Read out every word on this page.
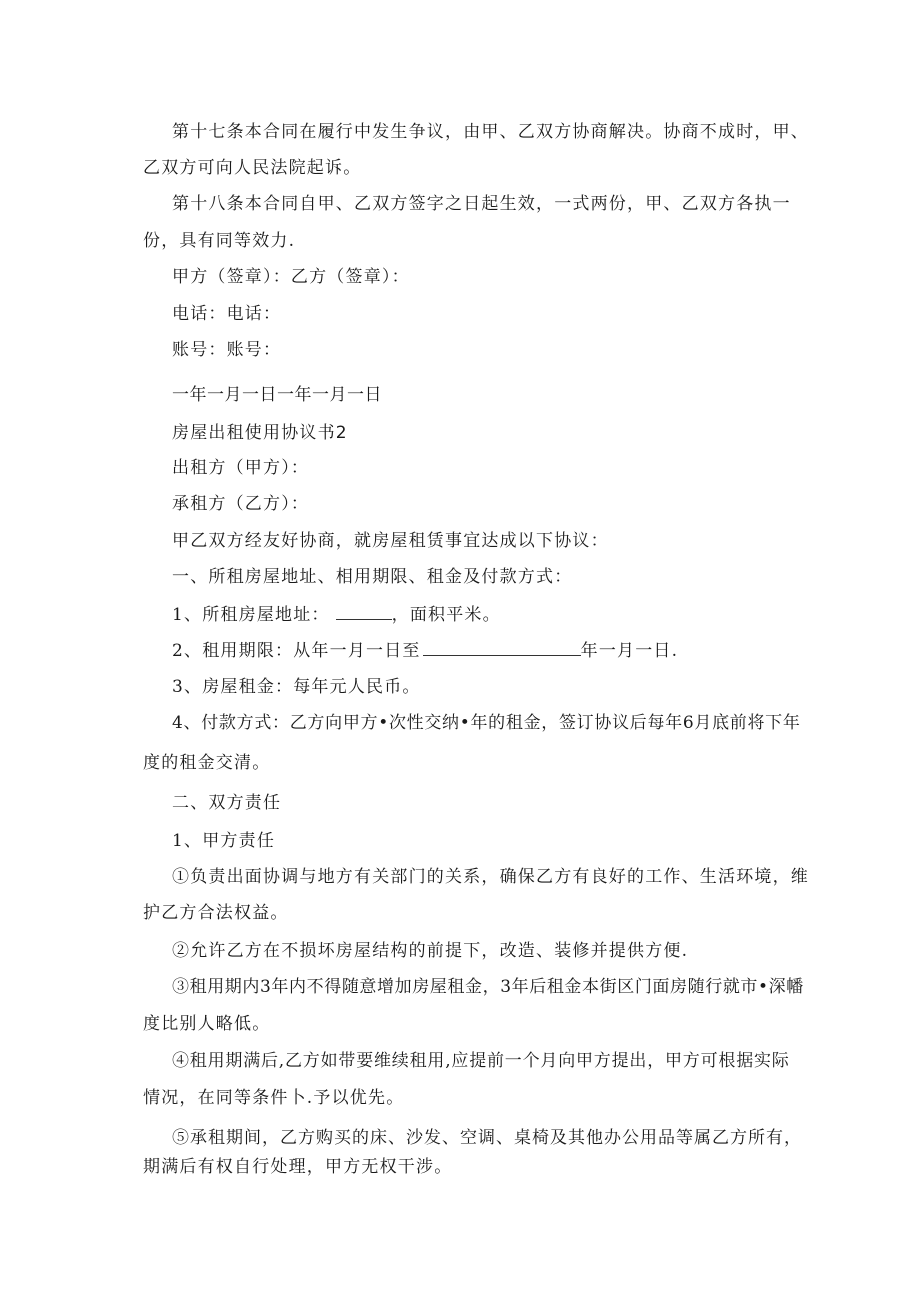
第十七条本合同在履行中发生争议，由甲、乙双方协商解决。协商不成时，甲、
乙双方可向人民法院起诉。
第十八条本合同自甲、乙双方签字之日起生效，一式两份，甲、乙双方各执一
份，具有同等效力.
甲方（签章）：乙方（签章）：
电话：电话：
账号：账号：
一年一月一日一年一月一日
房屋出租使用协议书2
出租方（甲方）：
承租方（乙方）：
甲乙双方经友好协商，就房屋租赁事宜达成以下协议：
一、所租房屋地址、相用期限、租金及付款方式：
1、所租房屋地址：	，面积平米。
2、租用期限：从年一月一日至	年一月一日.
3、房屋租金：每年元人民币。
4、付款方式：乙方向甲方•次性交纳•年的租金，签订协议后每年6月底前将下年
度的租金交清。
二、双方责任
1、甲方责任
①负责出面协调与地方有关部门的关系，确保乙方有良好的工作、生活环境，维
护乙方合法权益。
②允许乙方在不损坏房屋结构的前提下，改造、装修并提供方便.
③租用期内3年内不得随意增加房屋租金，3年后租金本街区门面房随行就市•深幡
度比别人略低。
④租用期满后,乙方如带要维续租用,应提前一个月向甲方提出，甲方可根据实际
情况，在同等条件卜.予以优先。
⑤承租期间，乙方购买的床、沙发、空调、桌椅及其他办公用品等属乙方所有，
期满后有权自行处理，甲方无权干涉。
